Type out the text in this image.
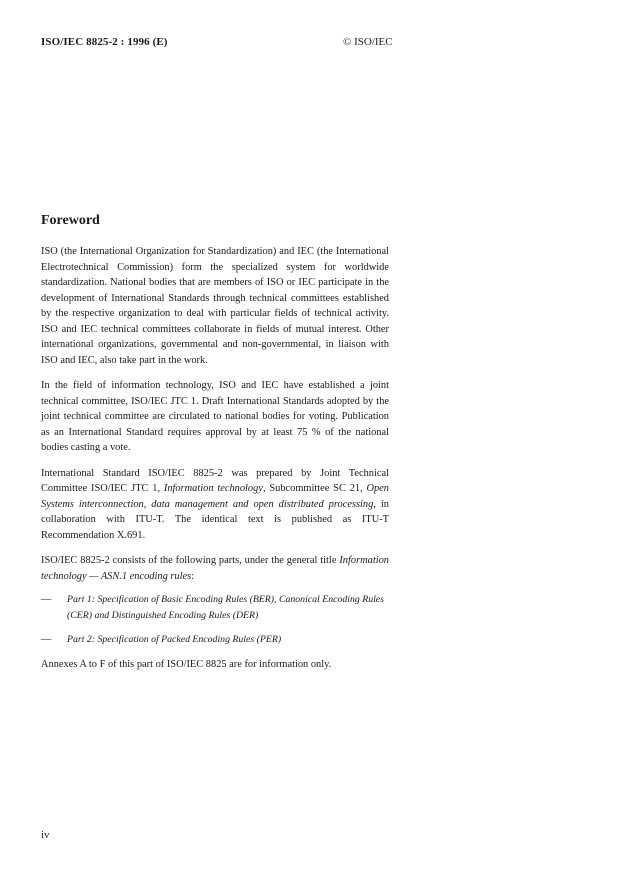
ISO/IEC 8825-2 : 1996 (E)	© ISO/IEC
Foreword

ISO (the International Organization for Standardization) and IEC (the International Electrotechnical Commission) form the specialized system for worldwide standardization. National bodies that are members of ISO or IEC participate in the development of International Standards through technical committees established by the respective organization to deal with particular fields of technical activity. ISO and IEC technical committees collaborate in fields of mutual interest. Other international organizations, governmental and non-governmental, in liaison with ISO and IEC, also take part in the work.

In the field of information technology, ISO and IEC have established a joint technical committee, ISO/IEC JTC 1. Draft International Standards adopted by the joint technical committee are circulated to national bodies for voting. Publication as an International Standard requires approval by at least 75 % of the national bodies casting a vote.

International Standard ISO/IEC 8825-2 was prepared by Joint Technical Committee ISO/IEC JTC 1, Information technology, Subcommittee SC 21, Open Systems interconnection, data management and open distributed processing, in collaboration with ITU-T. The identical text is published as ITU-T Recommendation X.691.

ISO/IEC 8825-2 consists of the following parts, under the general title Information technology — ASN.1 encoding rules:

—	Part 1: Specification of Basic Encoding Rules (BER), Canonical Encoding Rules (CER) and Distinguished Encoding Rules (DER)
—	Part 2: Specification of Packed Encoding Rules (PER)

Annexes A to F of this part of ISO/IEC 8825 are for information only.

iv
